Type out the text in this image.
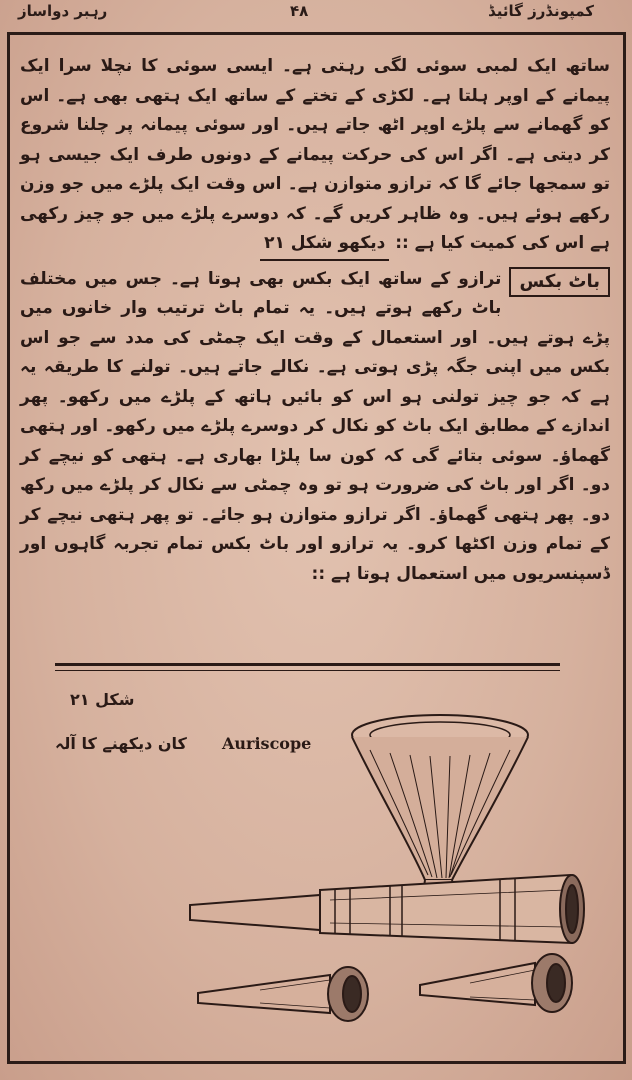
کمپونڈرز گائیڈ
۴۸
رہبر دواساز

ساتھ ایک لمبی سوئی لگی رہتی ہے۔ ایسی سوئی کا نچلا سرا ایک پیمانے کے اوپر ہلتا ہے۔ لکڑی کے تختے کے ساتھ ایک ہتھی بھی ہے۔ اس کو گھمانے سے پلڑے اوپر اٹھ جاتے ہیں۔ اور سوئی پیمانہ پر چلنا شروع کر دیتی ہے۔ اگر اس کی حرکت پیمانے کے دونوں طرف ایک جیسی ہو تو سمجھا جائے گا کہ ترازو متوازن ہے۔ اس وقت ایک پلڑے میں جو وزن رکھے ہوئے ہیں۔ وہ ظاہر کریں گے۔ کہ دوسرے پلڑے میں جو چیز رکھی ہے اس کی کمیت کیا ہے :: دیکھو شکل ۲۱

باٹ بکس
ترازو کے ساتھ ایک بکس بھی ہوتا ہے۔ جس میں مختلف باٹ رکھے ہوتے ہیں۔ یہ تمام باٹ ترتیب وار خانوں میں پڑے ہوتے ہیں۔ اور استعمال کے وقت ایک چمٹی کی مدد سے جو اس بکس میں اپنی جگہ پڑی ہوتی ہے۔ نکالے جاتے ہیں۔ تولنے کا طریقہ یہ ہے کہ جو چیز تولنی ہو اس کو بائیں ہاتھ کے پلڑے میں رکھو۔ پھر اندازے کے مطابق ایک باٹ کو نکال کر دوسرے پلڑے میں رکھو۔ اور ہتھی گھماؤ۔ سوئی بتائے گی کہ کون سا پلڑا بھاری ہے۔ ہتھی کو نیچے کر دو۔ اگر اور باٹ کی ضرورت ہو تو وہ چمٹی سے نکال کر پلڑے میں رکھ دو۔ پھر ہتھی گھماؤ۔ اگر ترازو متوازن ہو جائے۔ تو پھر ہتھی نیچے کر کے تمام وزن اکٹھا کرو۔ یہ ترازو اور باٹ بکس تمام تجربہ گاہوں اور ڈسپنسریوں میں استعمال ہوتا ہے ::

شکل ۲۱
کان دیکھنے کا آلہ Auriscope
